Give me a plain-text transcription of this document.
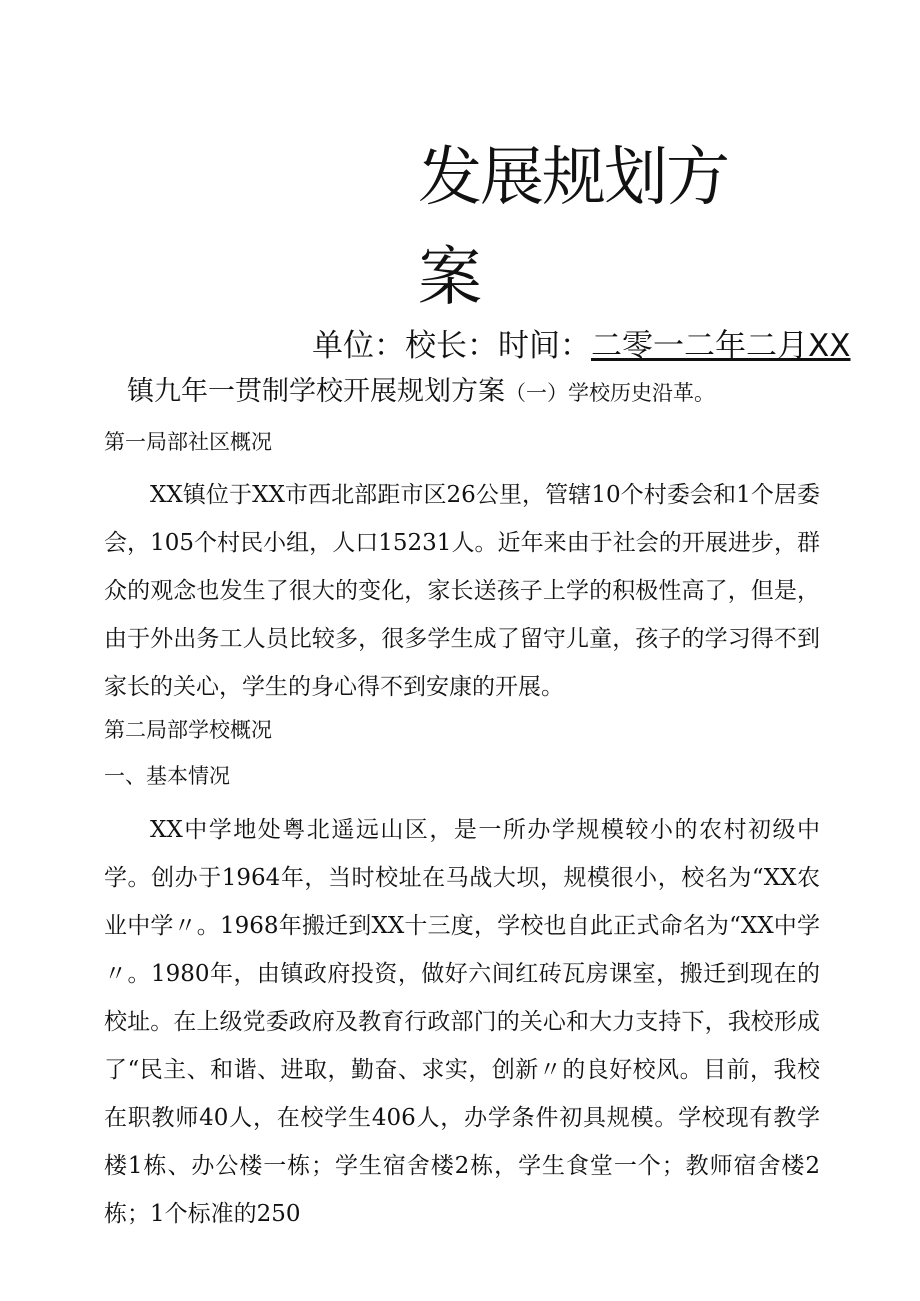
发展规划方
案
单位：校长：时间：二零一二年二月XX
镇九年一贯制学校开展规划方案（一）学校历史沿革。
第一局部社区概况

XX镇位于XX市西北部距市区26公里，管辖10个村委会和1个居委会，105个村民小组，人口15231人。近年来由于社会的开展进步，群众的观念也发生了很大的变化，家长送孩子上学的积极性高了，但是，由于外出务工人员比较多，很多学生成了留守儿童，孩子的学习得不到家长的关心，学生的身心得不到安康的开展。

第二局部学校概况
一、基本情况

XX中学地处粤北遥远山区，是一所办学规模较小的农村初级中学。创办于1964年，当时校址在马战大坝，规模很小，校名为“XX农业中学〃。1968年搬迁到XX十三度，学校也自此正式命名为“XX中学〃。1980年，由镇政府投资，做好六间红砖瓦房课室，搬迁到现在的校址。在上级党委政府及教育行政部门的关心和大力支持下，我校形成了“民主、和谐、进取，勤奋、求实，创新〃的良好校风。目前，我校在职教师40人，在校学生406人，办学条件初具规模。学校现有教学楼1栋、办公楼一栋；学生宿舍楼2栋，学生食堂一个；教师宿舍楼2栋；1个标准的250
